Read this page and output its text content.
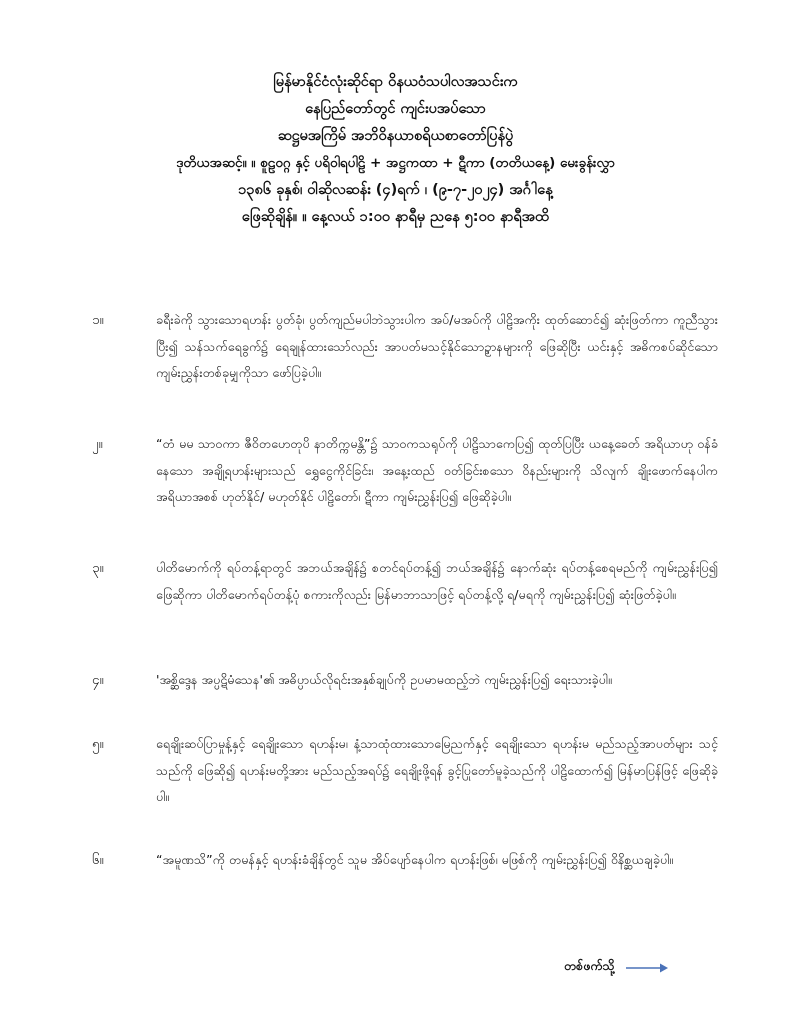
မြန်မာနိုင်ငံလုံးဆိုင်ရာ ဝိနယဝံသပါလအသင်းက
နေပြည်တော်တွင် ကျင်းပအပ်သော
ဆဋ္ဌမအကြိမ် အဘိဝိနယာစရိယစာတော်ပြန်ပွဲ
ဒုတိယအဆင့်။ ။ စူဠဝဂ္ဂ နှင့် ပရိဝါရပါဠိ + အဋ္ဌကထာ + ဋီကာ (တတိယနေ့) မေးခွန်းလွှာ
၁၃၈၆ ခုနှစ်၊ ဝါဆိုလဆန်း (၄)ရက် ၊ (၉-၇-၂၀၂၄) အင်္ဂါနေ့
ဖြေဆိုချိန်။ ။ နေ့လယ် ၁:၀၀ နာရီမှ ညနေ ၅:၀၀ နာရီအထိ
၁။	ခရီးခဲကို သွားသောရဟန်း ပွတ်ခုံ၊ ပွတ်ကျည်မပါဘဲသွားပါက အပ်/မအပ်ကို ပါဠိအကိုး ထုတ်ဆောင်၍ ဆုံးဖြတ်ကာ ကူညီသွားပြီး၍ သန်သက်ရေခွက်၌ ရေချုန်ထားသော်လည်း အာပတ်မသင့်နိုင်သောဥ္ဒာနများကို ဖြေဆိုပြီး ယင်းနှင့် အဓိကစပ်ဆိုင်သော ကျမ်းညွှန်းတစ်ခုမျှကိုသာ ဖော်ပြခဲ့ပါ။
၂။	“တံ မမ သာဝကာ ဇီဝိတဟေတုပိ နာတိက္ကမန္တိ”၌ သာဝကသရုပ်ကို ပါဠိသာကေပြ၍ ထုတ်ပြပြီး ယနေ့ခေတ် အရိယာဟု ဝန်ခံနေသော အချို့ရဟန်းများသည် ရွှေငွေကိုင်ခြင်း၊ အနေ့းထည် ဝတ်ခြင်းစသော ဝိနည်းများကို သိလျက် ချိုးဖောက်နေပါက အရိယာအစစ် ဟုတ်နိုင်/ မဟုတ်နိုင် ပါဠိတော်၊ ဋီကာ ကျမ်းညွှန်းပြ၍ ဖြေဆိုခဲ့ပါ။
၃။	ပါတိမောက်ကို ရပ်တန့်ရာတွင် အဘယ်အချိန်၌ စတင်ရပ်တန့်၍ ဘယ်အချိန်၌ နောက်ဆုံး ရပ်တန့်စေရမည်ကို ကျမ်းညွှန်းပြ၍ ဖြေဆိုကာ ပါတိမောက်ရပ်တန့်ပုံ စကားကိုလည်း မြန်မာဘာသာဖြင့် ရပ်တန့်လို့ ရ/မရကို ကျမ်းညွှန်းပြ၍ ဆုံးဖြတ်ခဲ့ပါ။
၄။	'အစ္ဆိဒ္ဒေန အပ္ပဋိမံသေန'၏ အဓိပ္ပာယ်လိုရင်းအနှစ်ချုပ်ကို ဥပမာမထည့်ဘဲ ကျမ်းညွှန်းပြ၍ ရေးသားခဲ့ပါ။
၅။	ရေချိုးဆပ်ပြာမှုန့်နှင့် ရေချိုးသော ရဟန်းမ၊ နံ့သာထုံထားသောမြေညက်နှင့် ရေချိုးသော ရဟန်းမ မည်သည့်အာပတ်များ သင့်သည်ကို ဖြေဆို၍ ရဟန်းမတို့အား မည်သည့်အရပ်၌ ရေချိုးဖို့ရန် ခွင့်ပြုတော်မူခဲ့သည်ကို ပါဠိထောက်၍ မြန်မာပြန်ဖြင့် ဖြေဆိုခဲ့ပါ။
၆။	“အမူဏသိ”ကို တမန်နှင့် ရဟန်းခံချိန်တွင် သူမ အိပ်ပျော်နေပါက ရဟန်းဖြစ်၊ မဖြစ်ကို ကျမ်းညွှန်းပြ၍ ဝိနိစ္ဆယချခဲ့ပါ။
တစ်ဖက်သို့
